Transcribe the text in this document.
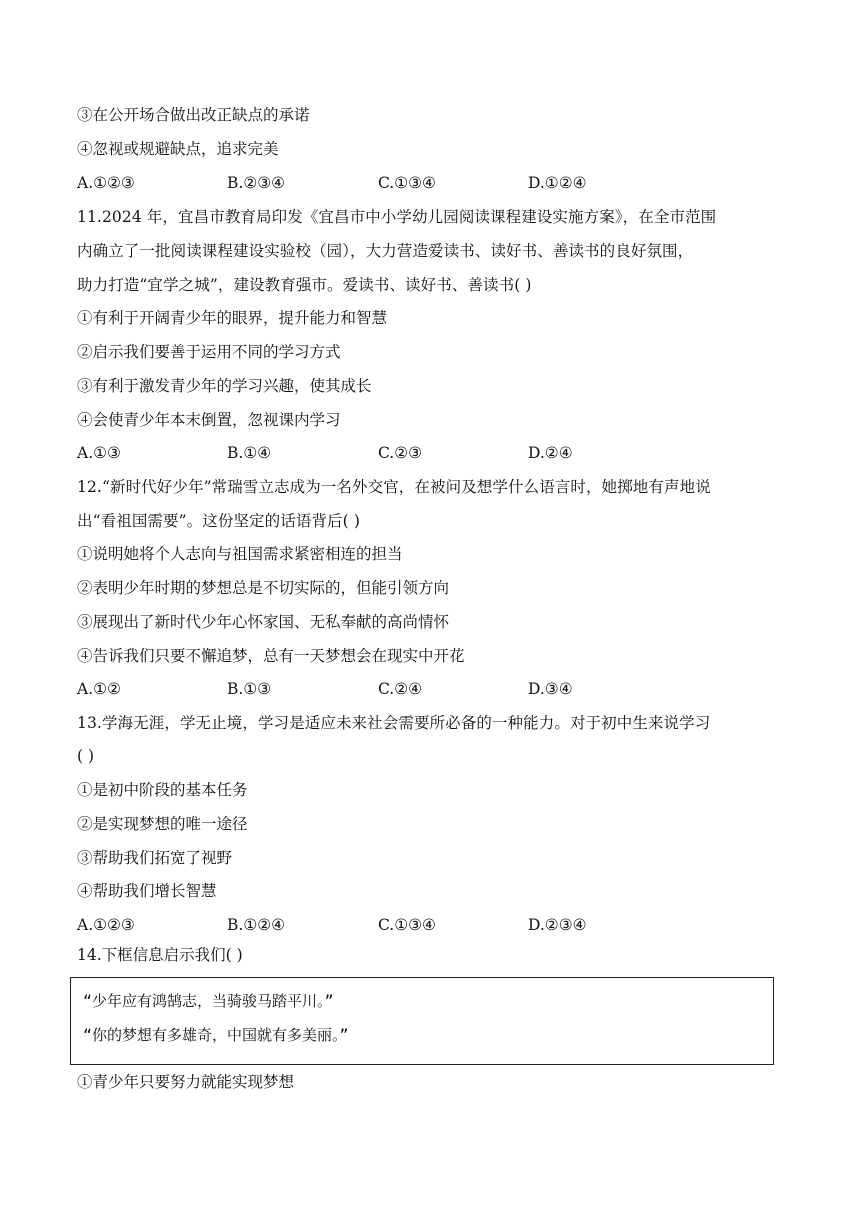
③在公开场合做出改正缺点的承诺
④忽视或规避缺点，追求完美
A.①②③	B.②③④	C.①③④	D.①②④
11.2024 年，宜昌市教育局印发《宜昌市中小学幼儿园阅读课程建设实施方案》，在全市范围
内确立了一批阅读课程建设实验校（园），大力营造爱读书、读好书、善读书的良好氛围，
助力打造“宜学之城”，建设教育强市。爱读书、读好书、善读书( )
①有利于开阔青少年的眼界，提升能力和智慧
②启示我们要善于运用不同的学习方式
③有利于激发青少年的学习兴趣，使其成长
④会使青少年本末倒置，忽视课内学习
A.①③	B.①④	C.②③	D.②④
12.“新时代好少年”常瑞雪立志成为一名外交官，在被问及想学什么语言时，她掷地有声地说
出“看祖国需要”。这份坚定的话语背后( )
①说明她将个人志向与祖国需求紧密相连的担当
②表明少年时期的梦想总是不切实际的，但能引领方向
③展现出了新时代少年心怀家国、无私奉献的高尚情怀
④告诉我们只要不懈追梦，总有一天梦想会在现实中开花
A.①②	B.①③	C.②④	D.③④
13.学海无涯，学无止境，学习是适应未来社会需要所必备的一种能力。对于初中生来说学习
( )
①是初中阶段的基本任务
②是实现梦想的唯一途径
③帮助我们拓宽了视野
④帮助我们增长智慧
A.①②③	B.①②④	C.①③④	D.②③④
14.下框信息启示我们( )
“少年应有鸿鹄志，当骑骏马踏平川。”
“你的梦想有多雄奇，中国就有多美丽。”
①青少年只要努力就能实现梦想
